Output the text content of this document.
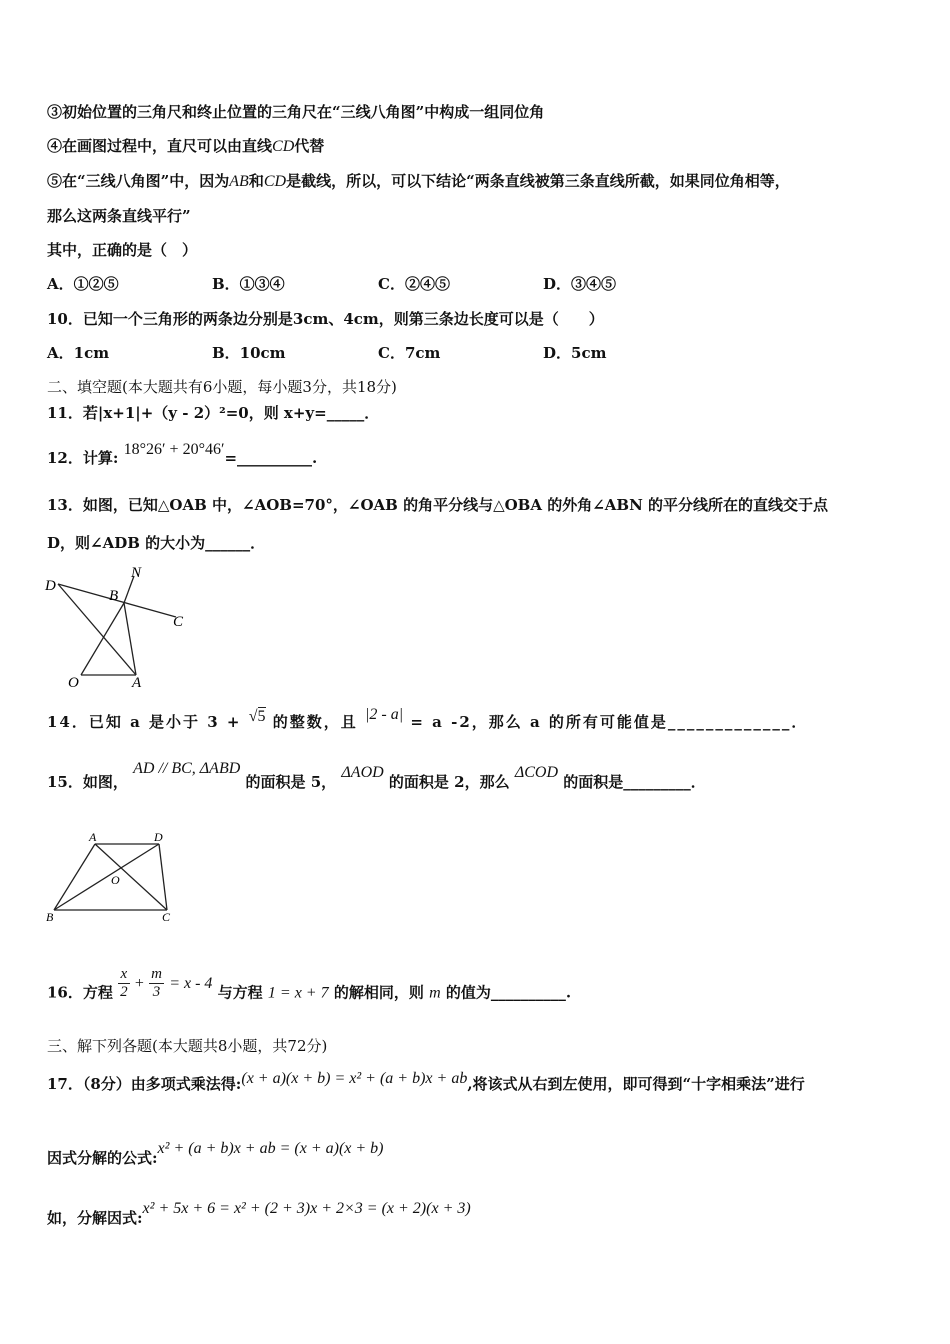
③初始位置的三角尺和终止位置的三角尺在“三线八角图”中构成一组同位角
④在画图过程中，直尺可以由直线CD代替
⑤在“三线八角图”中，因为AB和CD是截线，所以，可以下结论“两条直线被第三条直线所截，如果同位角相等，
那么这两条直线平行”
其中，正确的是（　）
A．①②⑤	B．①③④	C．②④⑤	D．③④⑤
10．已知一个三角形的两条边分别是3cm、4cm，则第三条边长度可以是（　　）
A．1cm	B．10cm	C．7cm	D．5cm
二、填空题(本大题共有6小题，每小题3分，共18分)
11．若|x+1|+（y - 2）²=0，则 x+y=_____．
12．计算: 18°26′ + 20°46′=__________.
13．如图，已知△OAB 中，∠AOB=70°，∠OAB 的角平分线与△OBA 的外角∠ABN 的平分线所在的直线交于点
D，则∠ADB 的大小为______．
D
N
B
C
O	A
14．已知 a 是小于 3 + √5 的整数，且 |2 - a| = a -2，那么 a 的所有可能值是_____________．
15．如图， AD // BC, ΔABD 的面积是 5， ΔAOD 的面积是 2，那么 ΔCOD 的面积是_________．
A	D
O
B	C
16．方程 $\frac{x}{2} + \frac{m}{3} = x - 4$ 与方程 1 = x + 7 的解相同，则 m 的值为__________.
三、解下列各题(本大题共8小题，共72分)
17．（8分）由多项式乘法得:(x + a)(x + b) = x² + (a + b)x + ab,将该式从右到左使用，即可得到“十字相乘法”进行
因式分解的公式:x² + (a + b)x + ab = (x + a)(x + b)
如，分解因式:x² + 5x + 6 = x² + (2 + 3)x + 2×3 = (x + 2)(x + 3)
